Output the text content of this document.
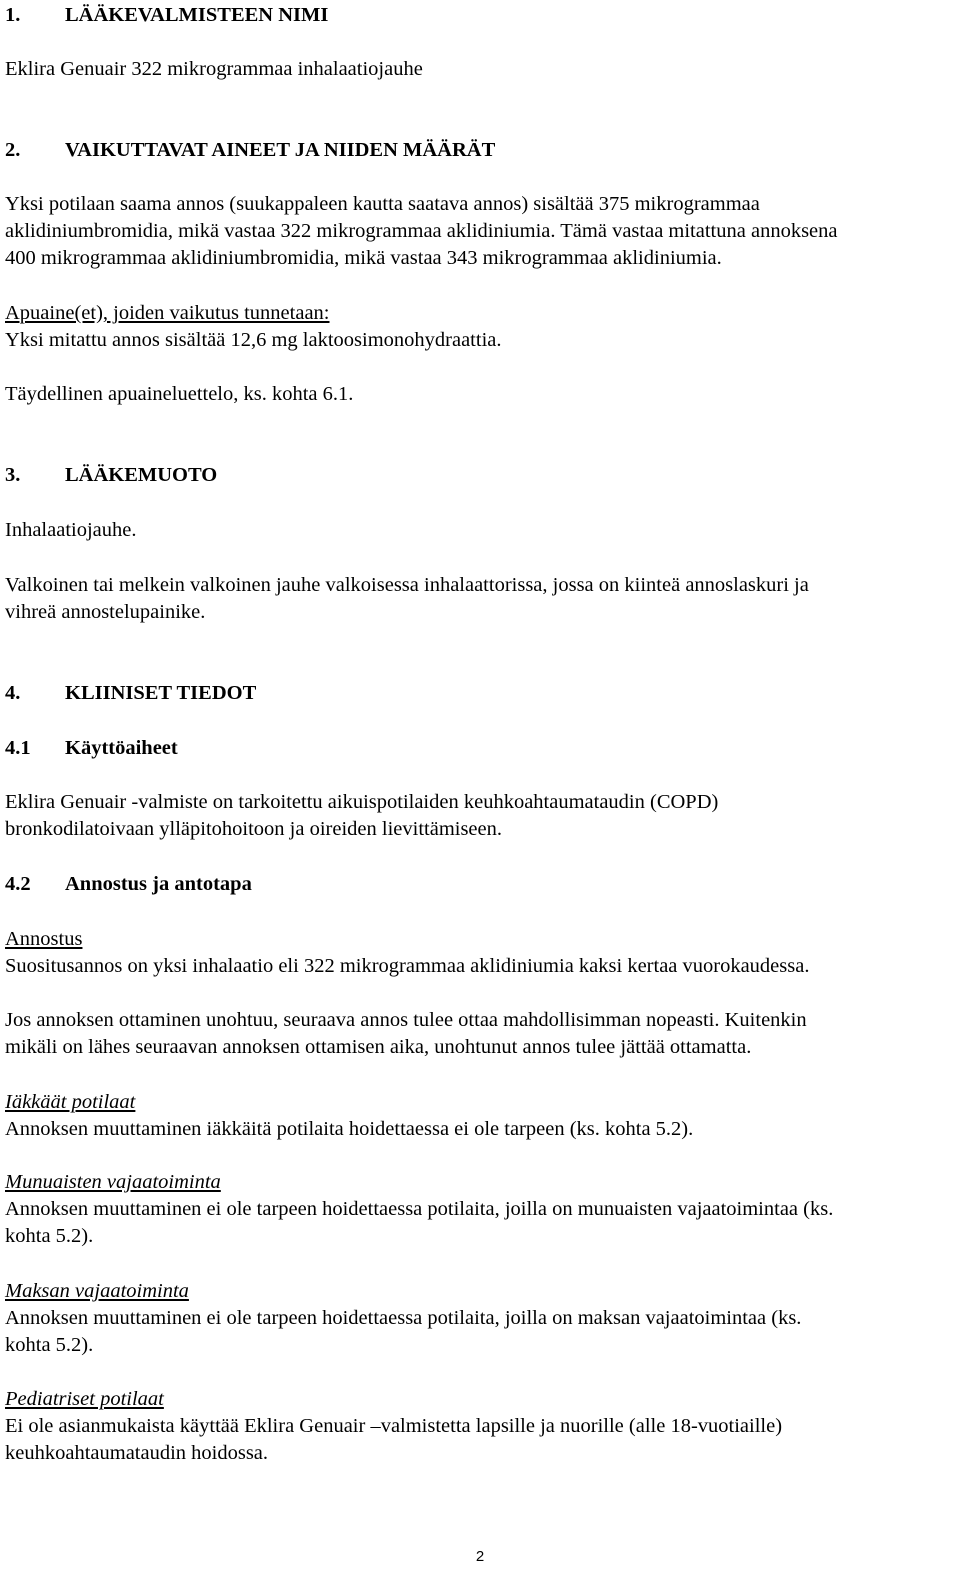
1. LÄÄKEVALMISTEEN NIMI
Eklira Genuair 322 mikrogrammaa inhalaatiojauhe
2. VAIKUTTAVAT AINEET JA NIIDEN MÄÄRÄT
Yksi potilaan saama annos (suukappaleen kautta saatava annos) sisältää 375 mikrogrammaa
aklidiniumbromidia, mikä vastaa 322 mikrogrammaa aklidiniumia. Tämä vastaa mitattuna annoksena
400 mikrogrammaa aklidiniumbromidia, mikä vastaa 343 mikrogrammaa aklidiniumia.
Apuaine(et), joiden vaikutus tunnetaan:
Yksi mitattu annos sisältää 12,6 mg laktoosimonohydraattia.
Täydellinen apuaineluettelo, ks. kohta 6.1.
3. LÄÄKEMUOTO
Inhalaatiojauhe.
Valkoinen tai melkein valkoinen jauhe valkoisessa inhalaattorissa, jossa on kiinteä annoslaskuri ja
vihreä annostelupainike.
4. KLIINISET TIEDOT
4.1 Käyttöaiheet
Eklira Genuair -valmiste on tarkoitettu aikuispotilaiden keuhkoahtaumataudin (COPD)
bronkodilatoivaan ylläpitohoitoon ja oireiden lievittämiseen.
4.2 Annostus ja antotapa
Annostus
Suositusannos on yksi inhalaatio eli 322 mikrogrammaa aklidiniumia kaksi kertaa vuorokaudessa.
Jos annoksen ottaminen unohtuu, seuraava annos tulee ottaa mahdollisimman nopeasti. Kuitenkin
mikäli on lähes seuraavan annoksen ottamisen aika, unohtunut annos tulee jättää ottamatta.
Iäkkäät potilaat
Annoksen muuttaminen iäkkäitä potilaita hoidettaessa ei ole tarpeen (ks. kohta 5.2).
Munuaisten vajaatoiminta
Annoksen muuttaminen ei ole tarpeen hoidettaessa potilaita, joilla on munuaisten vajaatoimintaa (ks.
kohta 5.2).
Maksan vajaatoiminta
Annoksen muuttaminen ei ole tarpeen hoidettaessa potilaita, joilla on maksan vajaatoimintaa (ks.
kohta 5.2).
Pediatriset potilaat
Ei ole asianmukaista käyttää Eklira Genuair –valmistetta lapsille ja nuorille (alle 18-vuotiaille)
keuhkoahtaumataudin hoidossa.
2
